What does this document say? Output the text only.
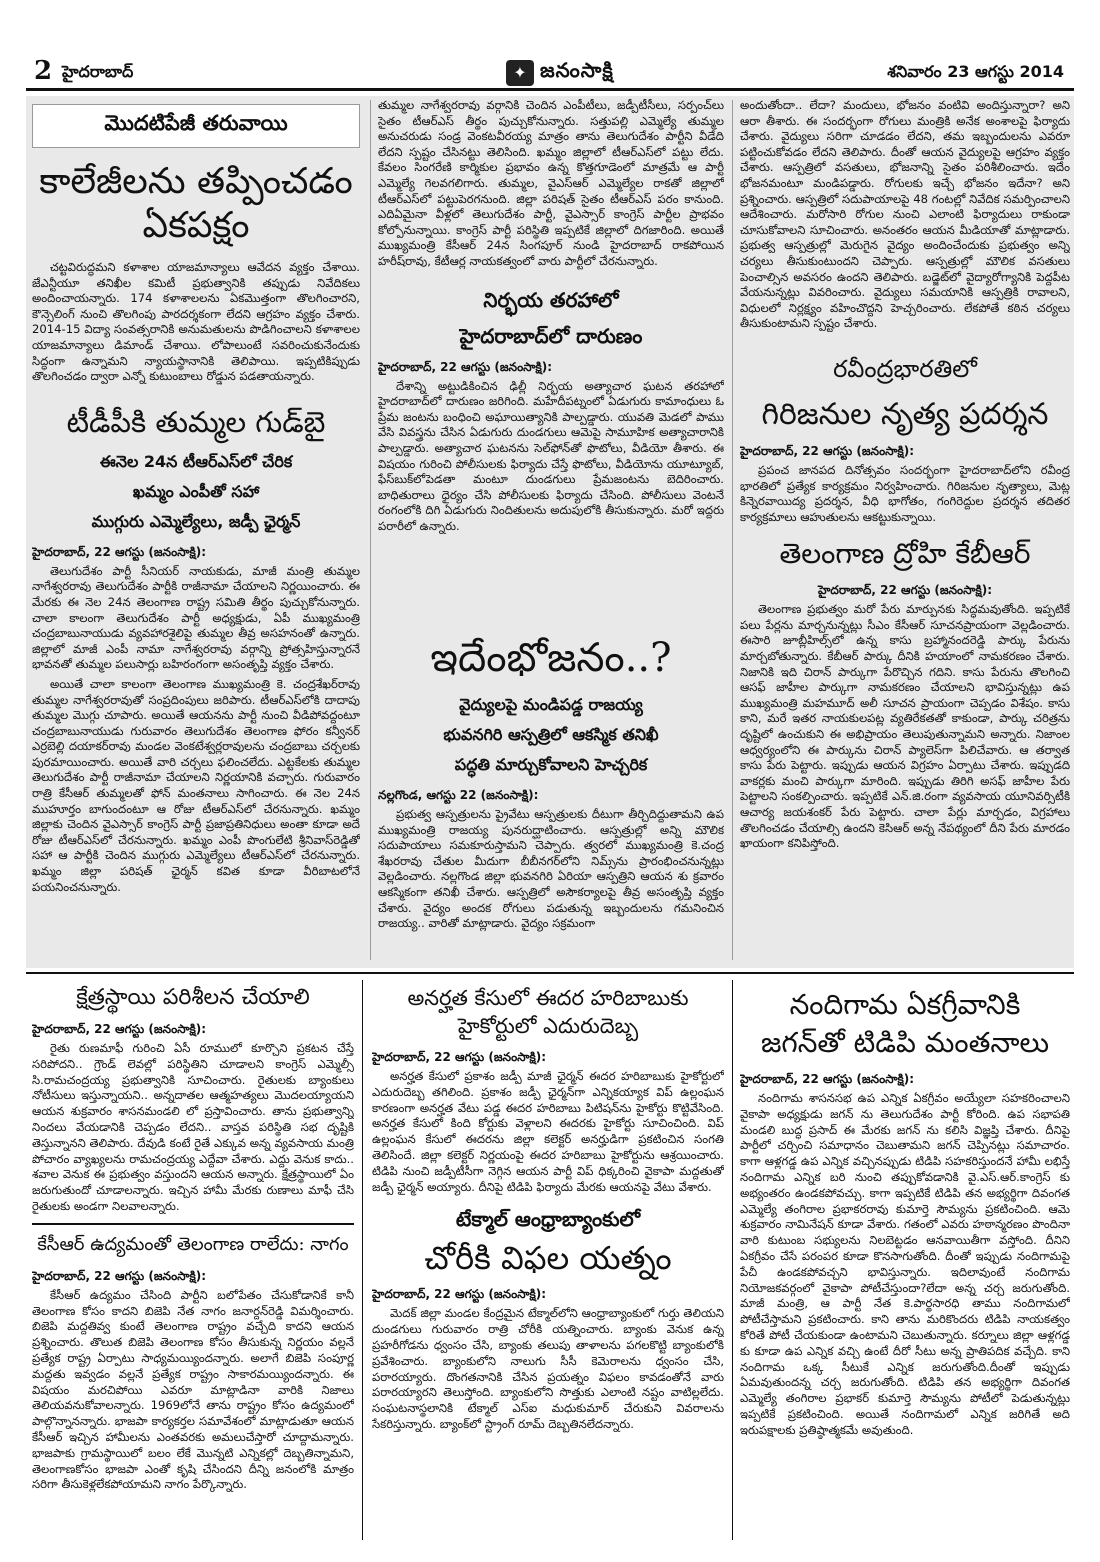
2 హైదరాబాద్	✦ జనంసాక్షి	శనివారం 23 ఆగస్టు 2014
మొదటిపేజీ తరువాయి
కాలేజీలను తప్పించడం ఏకపక్షం

చట్టవిరుద్ధమని కళాశాల యాజమాన్యాలు ఆవేదన వ్యక్తం చేశాయి. జేఎన్టీయూ తనిఖీల కమిటీ ప్రభుత్వానికి తప్పుడు నివేదికలు అందించాయన్నారు. 174 కళాశాలలను ఏకమొత్తంగా తొలగించారని, కౌన్సెలింగ్ నుంచి తొలగింపు పారదర్శకంగా లేదని ఆగ్రహం వ్యక్తం చేశారు. 2014-15 విద్యా సంవత్సరానికి అనుమతులను పొడిగించాలని కళాశాలల యాజమాన్యాలు డిమాండ్ చేశాయి. లోపాలుంటే సవరించుకునేందుకు సిద్ధంగా ఉన్నామని న్యాయస్థానానికి తెలిపాయి. ఇప్పటికిప్పుడు తొలగించడం ద్వారా ఎన్నో కుటుంబాలు రోడ్డున పడతాయన్నారు.

టీడీపీకి తుమ్మల గుడ్‌బై
ఈనెల 24న టీఆర్‌ఎస్‌లో చేరిక
ఖమ్మం ఎంపీతో సహా
ముగ్గురు ఎమ్మెల్యేలు, జడ్పీ ఛైర్మన్
హైదరాబాద్, 22 ఆగస్టు (జనంసాక్షి):

తెలుగుదేశం పార్టీ సీనియర్ నాయకుడు, మాజీ మంత్రి తుమ్మల నాగేశ్వరరావు తెలుగుదేశం పార్టీకి రాజీనామా చేయాలని నిర్ణయించారు. ఈ మేరకు ఈ నెల 24న తెలంగాణ రాష్ట్ర సమితి తీర్థం పుచ్చుకోనున్నారు. చాలా కాలంగా తెలుగుదేశం పార్టీ అధ్యక్షుడు, ఏపీ ముఖ్యమంత్రి చంద్రబాబునాయుడు వ్యవహారశైలిపై తుమ్మల తీవ్ర అసహనంతో ఉన్నారు. జిల్లాలో మాజీ ఎంపీ నామా నాగేశ్వరరావు వర్గాన్ని ప్రోత్సహిస్తున్నారనే భావనతో తుమ్మల పలుసార్లు బహిరంగంగా అసంతృప్తి వ్యక్తం చేశారు.

అయితే చాలా కాలంగా తెలంగాణ ముఖ్యమంత్రి కె. చంద్రశేఖర్‌రావు తుమ్మల నాగేశ్వరరావుతో సంప్రదింపులు జరిపారు. టీఆర్ఎస్‌లోకి దాదాపు తుమ్మల మొగ్గు చూపారు. అయితే ఆయనను పార్టీ నుంచి వీడిపోవద్దంటూ చంద్రబాబునాయుడు గురువారం తెలుగుదేశం తెలంగాణ ఫోరం కన్వీనర్ ఎర్రబెల్లి దయాకర్‌రావు మండల వెంకటేశ్వర్లరావులను చంద్రబాబు చర్చలకు పురమాయించారు. అయితే వారి చర్చలు ఫలించలేదు. ఎట్టకేలకు తుమ్మల తెలుగుదేశం పార్టీ రాజీనామా చేయాలని నిర్ణయానికి వచ్చారు. గురువారం రాత్రి కేసీఆర్ తుమ్మలతో ఫోన్ మంతనాలు సాగించారు. ఈ నెల 24న ముహూర్తం బాగుందంటూ ఆ రోజు టీఆర్‌ఎస్‌లో చేరనున్నారు. ఖమ్మం జిల్లాకు చెందిన వైఎస్సార్ కాంగ్రెస్ పార్టీ ప్రజాప్రతినిధులు అంతా కూడా అదే రోజు టీఆర్‌ఎస్‌లో చేరనున్నారు. ఖమ్మం ఎంపీ పొంగులేటి శ్రీనివాస్‌రెడ్డితో సహా ఆ పార్టీకి చెందిన ముగ్గురు ఎమ్మెల్యేలు టీఆర్‌ఎస్‌లో చేరనున్నారు. ఖమ్మం జిల్లా పరిషత్ ఛైర్మన్ కవిత కూడా వీరిబాటలోనే పయనించనున్నారు.

తుమ్మల నాగేశ్వరరావు వర్గానికి చెందిన ఎంపీటీలు, జడ్పీటీసీలు, సర్పంచ్‌లు సైతం టీఆర్‌ఎస్ తీర్థం పుచ్చుకోనున్నారు. సత్తుపల్లి ఎమ్మెల్యే తుమ్మల అనుచరుడు సండ్ర వెంకటవీరయ్య మాత్రం తాను తెలుగుదేశం పార్టీని వీడేది లేదని స్పష్టం చేసినట్టు తెలిసింది. ఖమ్మం జిల్లాలో టీఆర్‌ఎస్‌లో పట్టు లేదు. కేవలం సింగరేణి కార్మికుల ప్రభావం ఉన్న కొత్తగూడెంలో మాత్రమే ఆ పార్టీ ఎమ్మెల్యే గెలవగలిగారు. తుమ్మల, వైఎస్ఆర్ ఎమ్మెల్యేల రాకతో జిల్లాలో టీఆర్‌ఎస్‌లో పట్టుపెరగనుంది. జిల్లా పరిషత్ సైతం టీఆర్‌ఎస్ పరం కానుంది. ఎదిఏమైనా వీళ్లలో తెలుగుదేశం పార్టీ, వైఎస్సార్ కాంగ్రెస్ పార్టీల ప్రాభవం కోల్పోనున్నాయి. కాంగ్రెస్ పార్టీ పరిస్థితి ఇప్పటికే జిల్లాలో దిగజారింది. అయితే ముఖ్యమంత్రి కేసీఆర్ 24న సింగపూర్ నుండి హైదరాబాద్ రాకపోయిన హరీష్‌రావు, కేటీఆర్ల నాయకత్వంలో వారు పార్టీలో చేరనున్నారు.

నిర్భయ తరహాలో
హైదరాబాద్‌లో దారుణం
హైదరాబాద్, 22 ఆగస్టు (జనంసాక్షి):

దేశాన్ని అట్టుడికించిన ఢిల్లీ నిర్భయ అత్యాచార ఘటన తరహాలో హైదరాబాద్‌లో దారుణం జరిగింది. మహేదీపట్నంలో ఏడుగురు కామాంధులు ఓ ప్రేమ జంటను బంధించి అఘాయిత్యానికి పాల్పడ్డారు. యువతి మెడలో పాము వేసి వివస్త్రను చేసిన ఏడుగురు దుండగులు ఆమెపై సామూహిక అత్యాచారానికి పాల్పడ్డారు. అత్యాచార ఘటనను సెల్‌ఫోన్‌తో ఫొటోలు, వీడియో తీశారు. ఈ విషయం గురించి పోలీసులకు ఫిర్యాదు చేస్తే ఫొటోలు, వీడియోను యూట్యూబ్, ఫేస్‌బుక్‌లోపెడతా మంటూ దుండగులు ప్రేమజంటను బెదిరించారు. బాధితురాలు ధైర్యం చేసి పోలీసులకు ఫిర్యాదు చేసింది. పోలీసులు వెంటనే రంగంలోకి దిగి ఏడుగురు నిందితులను అదుపులోకి తీసుకున్నారు. మరో ఇద్దరు పరారీలో ఉన్నారు.

అందుతోందా.. లేదా? మందులు, భోజనం వంటివి అందిస్తున్నారా? అని ఆరా తీశారు. ఈ సందర్భంగా రోగులు మంత్రికి అనేక అంశాలపై ఫిర్యాదు చేశారు. వైద్యులు సరిగా చూడడం లేదని, తమ ఇబ్బందులను ఎవరూ పట్టించుకోవడం లేదని తెలిపారు. దీంతో ఆయన వైద్యులపై ఆగ్రహం వ్యక్తం చేశారు. ఆస్పత్రిలో వసతులు, భోజనాన్ని సైతం పరిశీలించారు. ఇదేం భోజనమంటూ మండిపడ్డారు. రోగులకు ఇచ్చే భోజనం ఇదేనా? అని ప్రశ్నించారు. ఆస్పత్రిలో సదుపాయాలపై 48 గంటల్లో నివేదిక సమర్పించాలని ఆదేశించారు. మరోసారి రోగుల నుంచి ఎలాంటి ఫిర్యాదులు రాకుండా చూసుకోవాలని సూచించారు. అనంతరం ఆయన మీడియాతో మాట్లాడారు. ప్రభుత్వ ఆస్పత్రుల్లో మెరుగైన వైద్యం అందించేందుకు ప్రభుత్వం అన్ని చర్యలు తీసుకుంటుందని చెప్పారు. ఆస్పత్రుల్లో మౌలిక వసతులు పెంచాల్సిన అవసరం ఉందని తెలిపారు. బడ్జెట్‌లో వైద్యారోగ్యానికి పెద్దపీట వేయనున్నట్లు వివరించారు. వైద్యులు సమయానికి ఆస్పత్రికి రావాలని, విధులలో నిర్లక్ష్యం వహించొద్దని హెచ్చరించారు. లేకపోతే కఠిన చర్యలు తీసుకుంటామని స్పష్టం చేశారు.

రవీంద్రభారతిలో
గిరిజనుల నృత్య ప్రదర్శన
హైదరాబాద్, 22 ఆగస్టు (జనంసాక్షి):

ప్రపంచ జానపద దినోత్సవం సందర్భంగా హైదరాబాద్‌లోని రవీంద్ర భారతిలో ప్రత్యేక కార్యక్రమం నిర్వహించారు. గిరిజనుల నృత్యాలు, మెట్ల కిన్నెరవాయిద్య ప్రదర్శన, వీధి భాగోతం, గంగిరెద్దుల ప్రదర్శన తదితర కార్యక్రమాలు ఆహుతులను ఆకట్టుకున్నాయి.

తెలంగాణ ద్రోహి కేబీఆర్
హైదరాబాద్, 22 ఆగస్టు (జనంసాక్షి):

తెలంగాణ ప్రభుత్వం మరో పేరు మార్పునకు సిద్ధమవుతోంది. ఇప్పటికే పలు పేర్లను మార్చనున్నట్లు సీఎం కేసీఆర్ సూచనప్రాయంగా వెల్లడించారు. ఈసారి జూబ్లీహిల్స్‌లో ఉన్న కాసు బ్రహ్మానందరెడ్డి పార్కు పేరును మార్చబోతున్నారు. కేబీఆర్ పార్కు దీనికి హయాంలో నామకరణం చేశారు. నిజానికి ఇది చిరాన్ పార్కుగా పేరొచ్చిన గదిని. కాసు పేరును తొలగించి ఆసఫ్ జాహీల పార్కుగా నామకరణం చేయాలని భావిస్తున్నట్లు ఉప ముఖ్యమంత్రి మహమూద్ అలీ సూచన ప్రాయంగా చెప్పడం విశేషం. కాసు కాని, మరే ఇతర నాయకులపట్ల వ్యతిరేకతతో కాకుండా, పార్కు చరిత్రను దృష్టిలో ఉంచుకుని ఈ అభిప్రాయం తెలుపుతున్నామని అన్నారు. నిజాంల ఆధ్వర్యంలోని ఈ పార్కును చిరాన్ ప్యాలెస్‌గా పిలిచేవారు. ఆ తర్వాత కాసు పేరు పెట్టారు. ఇప్పుడు ఆయన విగ్రహం ఏర్పాటు చేశారు. ఇప్పుడది వాకర్లకు మంచి పార్కుగా మారింది. ఇప్పుడు తిరిగి అసఫ్ జాహీల పేరు పెట్టాలని సంకల్పించారు. ఇప్పటికే ఎన్.జి.రంగా వ్యవసాయ యూనివర్సిటీకి ఆచార్య జయశంకర్ పేరు పెట్టారు. చాలా పేర్లు మార్చడం, విగ్రహాలు తొలగించడం చేయాల్సి ఉందని కెసిఆర్ అన్న నేపథ్యంలో దీని పేరు మారడం ఖాయంగా కనిపిస్తోంది.

ఇదేంభోజనం..?
వైద్యులపై మండిపడ్డ రాజయ్య
భువనగిరి ఆస్పత్రిలో ఆకస్మిక తనిఖీ
పద్ధతి మార్చుకోవాలని హెచ్చరిక
నల్లగొండ, ఆగస్టు 22 (జనంసాక్షి):

ప్రభుత్వ ఆస్పత్రులను ప్రైవేటు ఆస్పత్రులకు దీటుగా తీర్చిదిద్దుతామని ఉప ముఖ్యమంత్రి రాజయ్య పునరుద్ఘాటించారు. ఆస్పత్రుల్లో అన్ని మౌలిక సదుపాయాలు సమకూరుస్తామని చెప్పారు. త్వరలో ముఖ్యమంత్రి కె.చంద్ర శేఖరరావు చేతుల మీదుగా బీబీనగర్‌లోని నిమ్స్‌ను ప్రారంభించనున్నట్లు వెల్లడించారు. నల్లగొండ జిల్లా భువనగిరి ఏరియా ఆస్పత్రిని ఆయన శు క్రవారం ఆకస్మికంగా తనిఖీ చేశారు. ఆస్పత్రిలో అసౌకర్యాలపై తీవ్ర అసంతృప్తి వ్యక్తం చేశారు. వైద్యం అందక రోగులు పడుతున్న ఇబ్బందులను గమనించిన రాజయ్య.. వారితో మాట్లాడారు. వైద్యం సక్రమంగా

క్షేత్రస్థాయి పరిశీలన చేయాలి
హైదరాబాద్, 22 ఆగస్టు (జనంసాక్షి):

రైతు రుణమాఫీ గురించి ఏసీ రూములో కూర్చొని ప్రకటన చేస్తే సరిపోదని.. గ్రౌండ్ లెవల్లో పరిస్థితిని చూడాలని కాంగ్రెస్ ఎమ్మెల్సీ సి.రామచంద్రయ్య ప్రభుత్వానికి సూచించారు. రైతులకు బ్యాంకులు నోటీసులు ఇస్తున్నాయని.. అన్నదాతల ఆత్మహత్యలు మొదలయ్యాయని ఆయన శుక్రవారం శాసనమండలి లో ప్రస్తావించారు. తాను ప్రభుత్వాన్ని నిందలు వేయడానికి చెప్పడం లేదని.. వాస్తవ పరిస్థితి సభ దృష్టికి తెస్తున్నానని తెలిపారు. దేవుడి కంటే రైతే ఎక్కువ అన్న వ్యవసాయ మంత్రి పోచారం వ్యాఖ్యలను రామచంద్రయ్య ఎద్దేవా చేశారు. ఎద్దు వెనుక కాదు.. శవాల వెనుక ఈ ప్రభుత్వం వస్తుందని ఆయన అన్నారు. క్షేత్రస్థాయిలో ఏం జరుగుతుందో చూడాలన్నారు. ఇచ్చిన హామీ మేరకు రుణాలు మాఫీ చేసి రైతులకు అండగా నిలవాలన్నారు.

కేసీఆర్ ఉద్యమంతో తెలంగాణ రాలేదు: నాగం
హైదరాబాద్, 22 ఆగస్టు (జనంసాక్షి):

కేసీఆర్ ఉద్యమం చేసింది పార్టీని బలోపేతం చేసుకోడానికే కానీ తెలంగాణ కోసం కాదని బిజెపి నేత నాగం జనార్దన్‌రెడ్డి విమర్శించారు. బిజెపి మద్దతివ్వ కుంటే తెలంగాణ రాష్ట్రం వచ్చేది కాదని ఆయన ప్రశ్నించారు. తొలుత బిజెపి తెలంగాణ కోసం తీసుకున్న నిర్ణయం వల్లనే ప్రత్యేక రాష్ట్ర ఏర్పాటు సాధ్యమయ్యిందన్నారు. అలాగే బిజెపి సంపూర్ణ మద్దతు ఇవ్వడం వల్లనే ప్రత్యేక రాష్ట్రం సాకారమయ్యిందన్నారు. ఈ విషయం మరచిపోయి ఎవరూ మాట్లాడినా వారికి నిజాలు తెలియవనుకోవాలన్నారు. 1969లోనే తాను రాష్ట్రం కోసం ఉద్యమంలో పాల్గొన్నానన్నారు. భాజపా కార్యకర్తల సమావేశంలో మాట్లాడుతూ ఆయన కేసీఆర్ ఇచ్చిన హామీలను ఎంతవరకు అమలుచేస్తారో చూద్దామన్నారు. భాజపాకు గ్రామస్థాయిలో బలం లేకే మొన్నటి ఎన్నికల్లో దెబ్బతిన్నామని, తెలంగాణకోసం భాజపా ఎంతో కృషి చేసిందని దీన్ని జనంలోకి మాత్రం సరిగా తీసుకెళ్లలేకపోయామని నాగం పేర్కొన్నారు.

అనర్హత కేసులో ఈదర హరిబాబుకు
హైకోర్టులో ఎదురుదెబ్బ
హైదరాబాద్, 22 ఆగస్టు (జనంసాక్షి):

అనర్హత కేసులో ప్రకాశం జడ్పీ మాజీ ఛైర్మన్ ఈదర హరిబాబుకు హైకోర్టులో ఎదురుదెబ్బ తగిలింది. ప్రకాశం జడ్పీ ఛైర్మన్‌గా ఎన్నికయ్యాక విప్ ఉల్లంఘన కారణంగా అనర్హత వేటు పడ్డ ఈదర హరిబాబు పిటిషన్‌ను హైకోర్టు కొట్టివేసింది. అనర్హత కేసులో కింది కోర్టుకు వెళ్లాలని ఈదరకు హైకోర్టు సూచించింది. విప్ ఉల్లంఘన కేసులో ఈదరను జిల్లా కలెక్టర్ అనర్హుడిగా ప్రకటించిన సంగతి తెలిసిందే. జిల్లా కలెక్టర్ నిర్ణయంపై ఈదర హరిబాబు హైకోర్టును ఆశ్రయించారు. టిడిపి నుంచి జడ్పీటీసీగా నెగ్గిన ఆయన పార్టీ విప్ ధిక్కరించి వైకాపా మద్దతుతో జడ్పీ ఛైర్మన్ అయ్యారు. దీనిపై టిడిపి ఫిర్యాదు మేరకు ఆయనపై వేటు వేశారు.

టేక్మాల్ ఆంధ్రాబ్యాంకులో
చోరీకి విఫల యత్నం
హైదరాబాద్, 22 ఆగస్టు (జనంసాక్షి):

మెదక్ జిల్లా మండల కేంద్రమైన టేక్మాల్‌లోని ఆంధ్రాబ్యాంకులో గుర్తు తెలియని దుండగులు గురువారం రాత్రి చోరీకి యత్నించారు. బ్యాంకు వెనుక ఉన్న ప్రహరీగోడను ధ్వంసం చేసి, బ్యాంకు తలుపు తాళాలను పగలకొట్టి బ్యాంకులోకి ప్రవేశించారు. బ్యాంకులోని నాలుగు సీసీ కెమెరాలను ధ్వంసం చేసి, పరారయ్యారు. దొంగతనానికి చేసిన ప్రయత్నం విఫలం కావడంతోనే వారు పరారయ్యారని తెలుస్తోంది. బ్యాంకులోని సొత్తుకు ఎలాంటి నష్టం వాటిల్లలేదు. సంఘటనాస్థలానికి టేక్మాల్ ఎస్‌ఐ మధుకుమార్ చేరుకుని వివరాలను సేకరిస్తున్నారు. బ్యాంక్‌లో స్ట్రాంగ్ రూమ్ దెబ్బతినలేదన్నారు.

నందిగామ ఏకగ్రీవానికి
జగన్‌తో టిడిపి మంతనాలు
హైదరాబాద్, 22 ఆగస్టు (జనంసాక్షి):

నందిగామ శాసనసభ ఉప ఎన్నిక ఏకగ్రీవం అయ్యేలా సహకరించాలని వైకాపా అధ్యక్షుడు జగన్ ను తెలుగుదేశం పార్టీ కోరింది. ఉప సభాపతి మండలి బుద్ధ ప్రసాద్ ఈ మేరకు జగన్ ను కలిసి విజ్ఞప్తి చేశారు. దీనిపై పార్టీలో చర్చించి సమాధానం చెబుతామని జగన్ చెప్పినట్లు సమాచారం. కాగా ఆళ్లగడ్డ ఉప ఎన్నిక వచ్చినప్పుడు టిడిపి సహకరిస్తుందనే హామీ లభిస్తే నందిగామ ఎన్నిక బరి నుంచి తప్పుకోవడానికి వై.ఎస్.ఆర్.కాంగ్రెస్ కు అభ్యంతరం ఉండకపోవచ్చు. కాగా ఇప్పటికే టిడిపి తన అభ్యర్థిగా దివంగత ఎమ్మెల్యే తంగిరాల ప్రభాకరరావు కుమార్తె సౌమ్యను ప్రకటించింది. ఆమె శుక్రవారం నామినేషన్ కూడా వేశారు. గతంలో ఎవరు హఠాన్మరణం పొందినా వారి కుటుంబ సభ్యులను నిలబెట్టడం ఆనవాయితీగా వస్తోంది. దీనిని ఏకగ్రీవం చేసే పరంపర కూడా కొనసాగుతోంది. దీంతో ఇప్పుడు నందిగామపై పేచీ ఉండకపోవచ్చని భావిస్తున్నారు. ఇదిలావుంటే నందిగామ నియోజకవర్గంలో వైకాపా పోటీచేస్తుందా?లేదా అన్న చర్చ జరుగుతోంది. మాజీ మంత్రి, ఆ పార్టీ నేత కె.పార్థసారధి తాము నందిగామలో పోటీచేస్తామని ప్రకటించారు. కాని తాను మరికొందరు టిడిపి నాయకత్వం కోరితే పోటీ చేయకుండా ఉంటామని చెబుతున్నారు. కర్నూలు జిల్లా ఆళ్లగడ్డ కు కూడా ఉప ఎన్నిక వచ్చి ఉంటే దీరో సీటు అన్న ప్రాతిపదిక వచ్చేది. కాని నందిగామ ఒక్క సీటుకే ఎన్నిక జరుగుతోంది.దీంతో ఇప్పుడు ఏమవుతుందన్న చర్చ జరుగుతోంది. టిడిపి తన అభ్యర్థిగా దివంగత ఎమ్మెల్యే తంగిరాల ప్రభాకర్ కుమార్తె సౌమ్యను పోటీలో పెడుతున్నట్లు ఇప్పటికే ప్రకటించింది. అయితే నందిగామలో ఎన్నిక జరిగితే అది ఇరుపక్షాలకు ప్రతిష్ఠాత్మకమే అవుతుంది.
